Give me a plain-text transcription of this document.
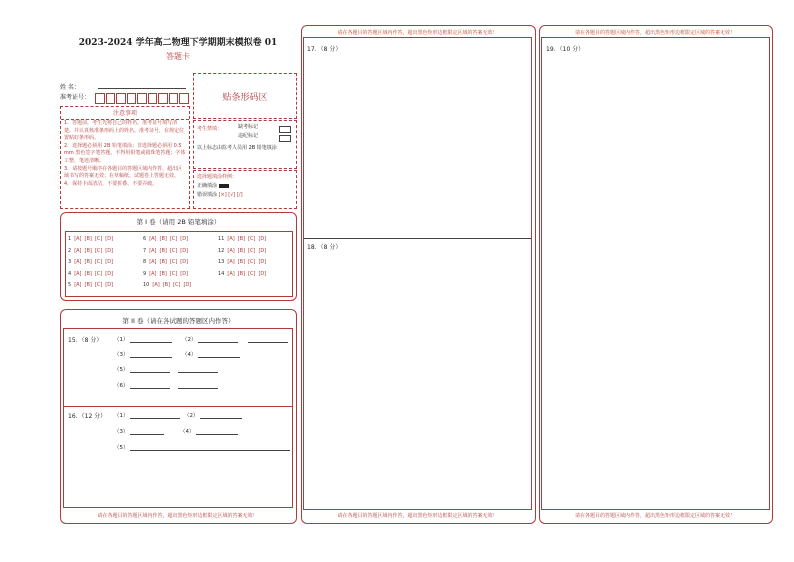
2023-2024 学年高二物理下学期期末模拟卷 01
答题卡
姓 名：
准考证号：	贴条形码区
注意事项
1．答题前，考生先将自己的姓名，准考证号填写清楚，并认真核准条形码上的姓名、准考证号，在规定位置贴好条形码。
2．选择题必须用 2B 铅笔填涂；非选择题必须用 0.5 mm 黑色签字笔答题，不得用铅笔或圆珠笔答题；字体工整、笔迹清晰。
3．请按题号顺序在各题目的答题区域内作答，超出区域书写的答案无效；在草稿纸、试题卷上答题无效。
4．保持卡面清洁，不要折叠、不要弄破。
考生禁填：	缺考标记
违纪标记
以上标志由监考人员用 2B 铅笔填涂
选择题填涂样例：
正确填涂
错误填涂 [×] [√] [/]
第 I 卷（请用 2B 铅笔填涂）
1 [A] [B] [C] [D]
2 [A] [B] [C] [D]
3 [A] [B] [C] [D]
4 [A] [B] [C] [D]
5 [A] [B] [C] [D]
6 [A] [B] [C] [D]
7 [A] [B] [C] [D]
8 [A] [B] [C] [D]
9 [A] [B] [C] [D]
10 [A] [B] [C] [D]
11 [A] [B] [C] [D]
12 [A] [B] [C] [D]
13 [A] [B] [C] [D]
14 [A] [B] [C] [D]
第 II 卷（请在各试题的答题区内作答）
15．（8 分） （1）	（2）
（3）	（4）
（5）
（6）
16．（12 分） （1）	（2）
（3）	（4）
（5）
请在各题目的答题区域内作答，超出黑色矩形边框限定区域的答案无效！
请在各题目的答题区域内作答，超出黑色矩形边框限定区域的答案无效！
17．（8 分）
18．（8 分）
请在各题目的答题区域内作答，超出黑色矩形边框限定区域的答案无效！
请在各题目的答题区域内作答，超出黑色矩形边框限定区域的答案无效！
19．（10 分）
请在各题目的答题区域内作答，超出黑色矩形边框限定区域的答案无效！
